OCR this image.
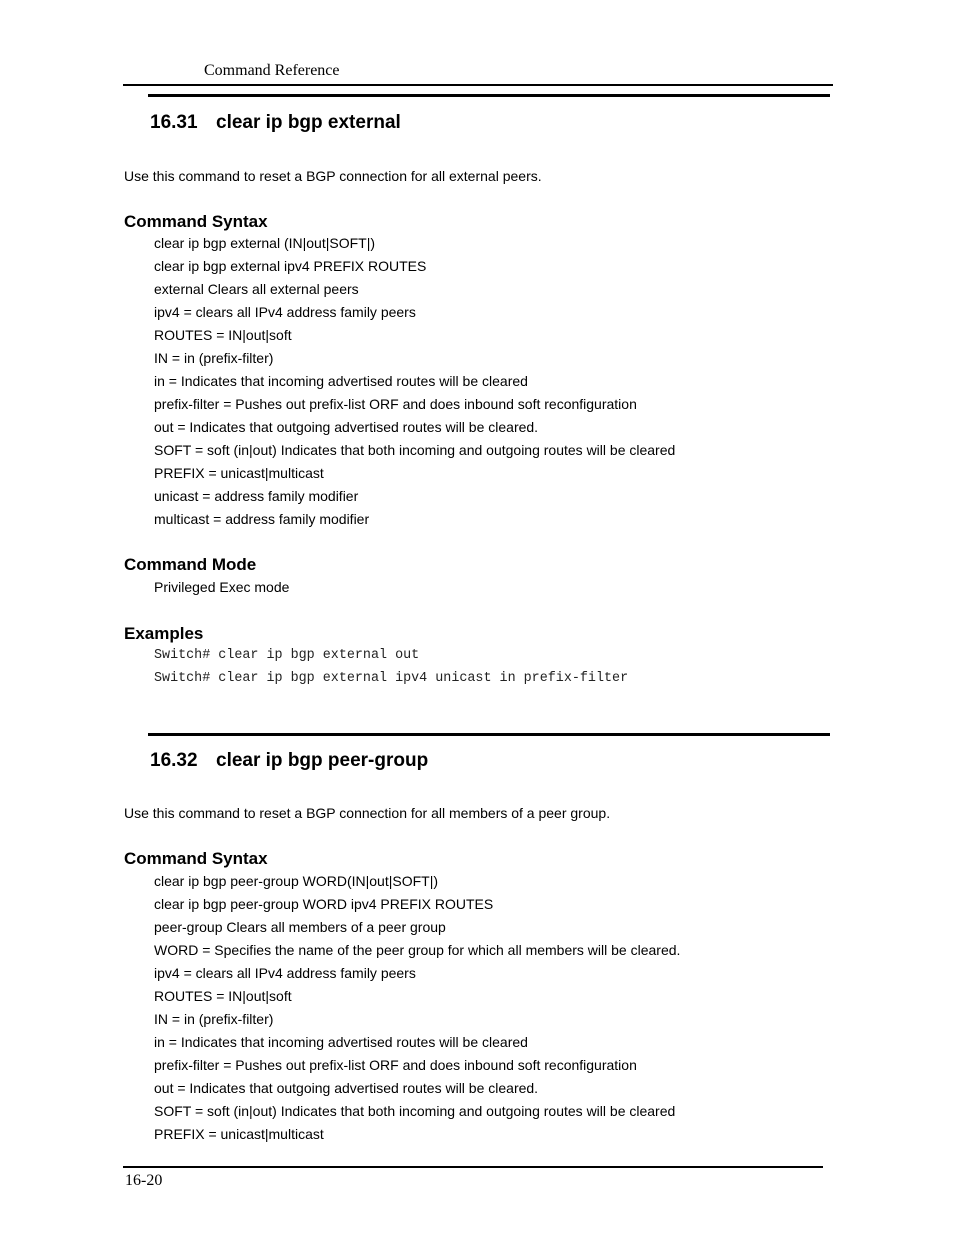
Command Reference
16.31 clear ip bgp external
Use this command to reset a BGP connection for all external peers.
Command Syntax
clear ip bgp external (IN|out|SOFT|)
clear ip bgp external ipv4 PREFIX ROUTES
external Clears all external peers
ipv4 = clears all IPv4 address family peers
ROUTES = IN|out|soft
IN = in (prefix-filter)
in = Indicates that incoming advertised routes will be cleared
prefix-filter = Pushes out prefix-list ORF and does inbound soft reconfiguration
out = Indicates that outgoing advertised routes will be cleared.
SOFT = soft (in|out) Indicates that both incoming and outgoing routes will be cleared
PREFIX = unicast|multicast
unicast = address family modifier
multicast = address family modifier
Command Mode
Privileged Exec mode
Examples
Switch# clear ip bgp external out
Switch# clear ip bgp external ipv4 unicast in prefix-filter
16.32 clear ip bgp peer-group
Use this command to reset a BGP connection for all members of a peer group.
Command Syntax
clear ip bgp peer-group WORD(IN|out|SOFT|)
clear ip bgp peer-group WORD ipv4 PREFIX ROUTES
peer-group Clears all members of a peer group
WORD = Specifies the name of the peer group for which all members will be cleared.
ipv4 = clears all IPv4 address family peers
ROUTES = IN|out|soft
IN = in (prefix-filter)
in = Indicates that incoming advertised routes will be cleared
prefix-filter = Pushes out prefix-list ORF and does inbound soft reconfiguration
out = Indicates that outgoing advertised routes will be cleared.
SOFT = soft (in|out) Indicates that both incoming and outgoing routes will be cleared
PREFIX = unicast|multicast
16-20
